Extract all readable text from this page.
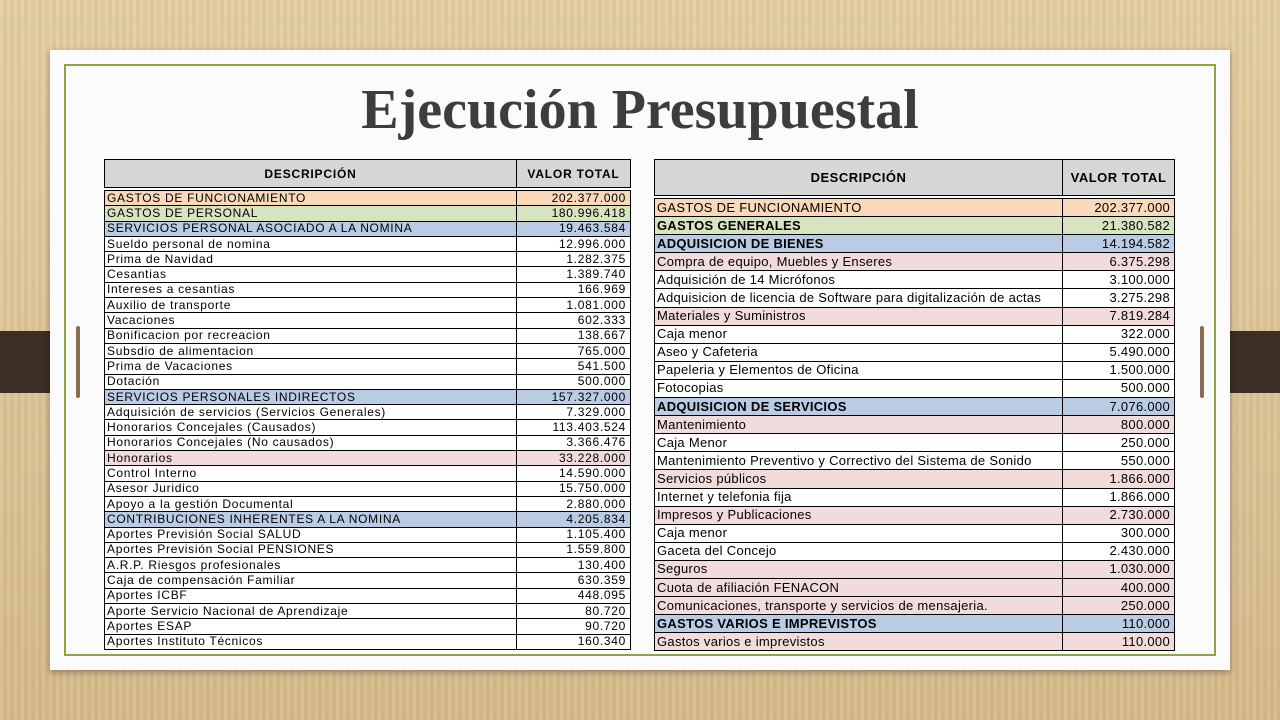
Ejecución Presupuestal
DESCRIPCIÓN	VALOR TOTAL

GASTOS DE FUNCIONAMIENTO	202.377.000
GASTOS DE PERSONAL	180.996.418
SERVICIOS PERSONAL ASOCIADO A LA NOMINA	19.463.584
Sueldo personal de nomina	12.996.000
Prima de Navidad	1.282.375
Cesantias	1.389.740
Intereses a cesantias	166.969
Auxilio de transporte	1.081.000
Vacaciones	602.333
Bonificacion por recreacion	138.667
Subsdio de alimentacion	765.000
Prima de Vacaciones	541.500
Dotación	500.000
SERVICIOS PERSONALES INDIRECTOS	157.327.000
Adquisición de servicios (Servicios Generales)	7.329.000
Honorarios Concejales (Causados)	113.403.524
Honorarios Concejales (No causados)	3.366.476
Honorarios	33.228.000
Control Interno	14.590.000
Asesor Juridico	15.750.000
Apoyo a la gestión Documental	2.880.000
CONTRIBUCIONES INHERENTES A LA NOMINA	4.205.834
Aportes Previsión Social SALUD	1.105.400
Aportes Previsión Social PENSIONES	1.559.800
A.R.P. Riesgos profesionales	130.400
Caja de compensación Familiar	630.359
Aportes ICBF	448.095
Aporte Servicio Nacional de Aprendizaje	80.720
Aportes ESAP	90.720
Aportes Instituto Técnicos	160.340
DESCRIPCIÓN	VALOR TOTAL

GASTOS DE FUNCIONAMIENTO	202.377.000
GASTOS GENERALES	21.380.582
ADQUISICION DE BIENES	14.194.582
Compra de equipo, Muebles y Enseres	6.375.298
Adquisición de 14 Micrófonos	3.100.000
Adquisicion de licencia de Software para digitalización de actas	3.275.298
Materiales y Suministros	7.819.284
Caja menor	322.000
Aseo y Cafeteria	5.490.000
Papeleria y Elementos de Oficina	1.500.000
Fotocopias	500.000
ADQUISICION DE SERVICIOS	7.076.000
Mantenimiento	800.000
Caja Menor	250.000
Mantenimiento Preventivo y Correctivo del Sistema de Sonido	550.000
Servicios públicos	1.866.000
Internet y telefonia fija	1.866.000
Impresos y Publicaciones	2.730.000
Caja menor	300.000
Gaceta del Concejo	2.430.000
Seguros	1.030.000
Cuota de afiliación FENACON	400.000
Comunicaciones, transporte y servicios de mensajeria.	250.000
GASTOS VARIOS E IMPREVISTOS	110.000
Gastos varios e imprevistos	110.000
